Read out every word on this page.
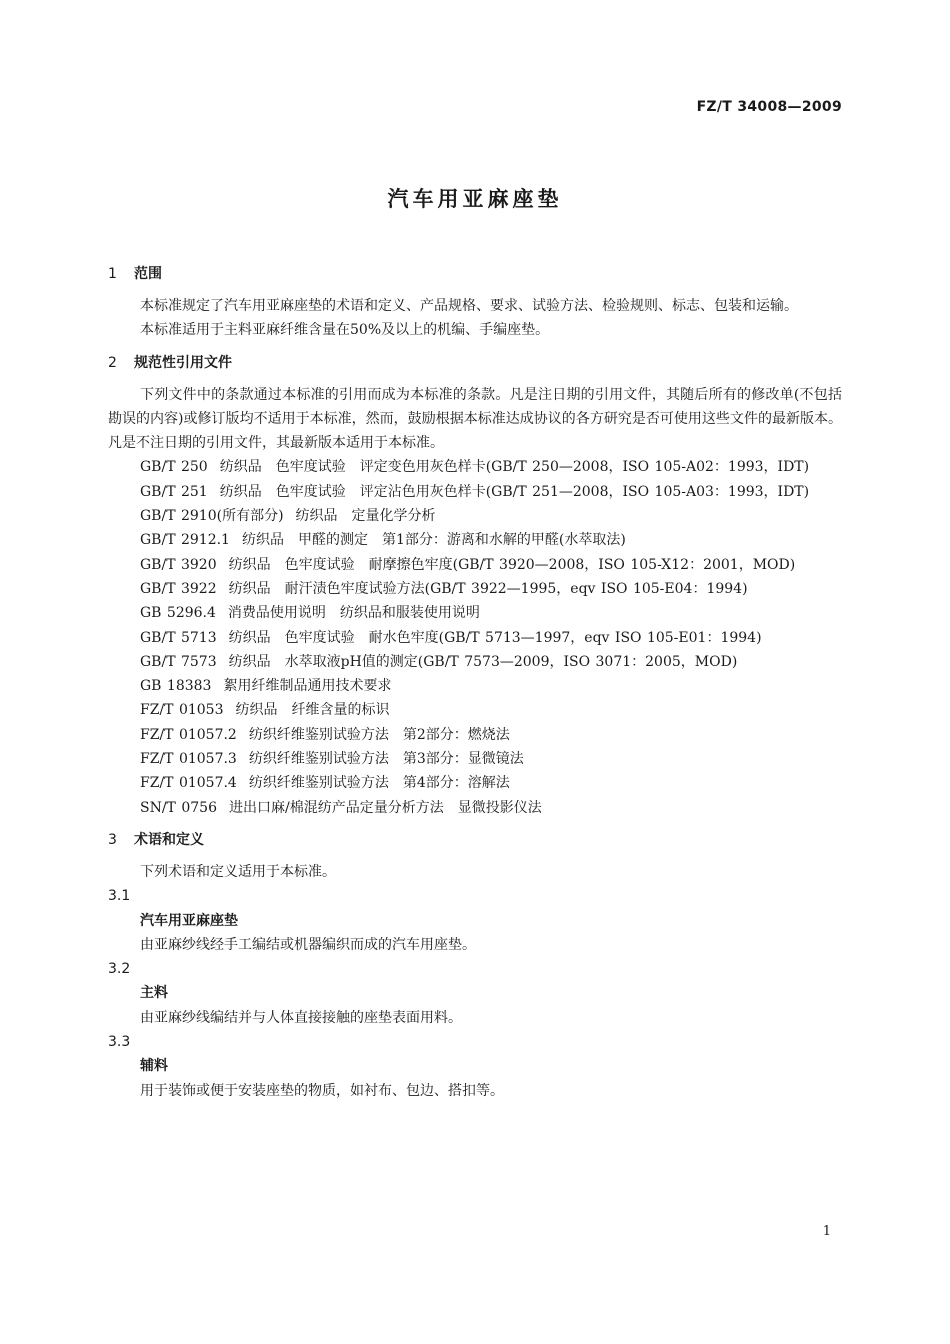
FZ/T 34008—2009
汽车用亚麻座垫
1 范围

本标准规定了汽车用亚麻座垫的术语和定义、产品规格、要求、试验方法、检验规则、标志、包装和运输。

本标准适用于主料亚麻纤维含量在50%及以上的机编、手编座垫。

2 规范性引用文件

下列文件中的条款通过本标准的引用而成为本标准的条款。凡是注日期的引用文件，其随后所有的修改单(不包括勘误的内容)或修订版均不适用于本标准，然而，鼓励根据本标准达成协议的各方研究是否可使用这些文件的最新版本。凡是不注日期的引用文件，其最新版本适用于本标准。

GB/T 250 纺织品　色牢度试验　评定变色用灰色样卡(GB/T 250—2008，ISO 105-A02：1993，IDT)

GB/T 251 纺织品　色牢度试验　评定沾色用灰色样卡(GB/T 251—2008，ISO 105-A03：1993，IDT)

GB/T 2910(所有部分) 纺织品　定量化学分析

GB/T 2912.1 纺织品　甲醛的测定　第1部分：游离和水解的甲醛(水萃取法)

GB/T 3920 纺织品　色牢度试验　耐摩擦色牢度(GB/T 3920—2008，ISO 105-X12：2001，MOD)

GB/T 3922 纺织品　耐汗渍色牢度试验方法(GB/T 3922—1995，eqv ISO 105-E04：1994)

GB 5296.4 消费品使用说明　纺织品和服装使用说明

GB/T 5713 纺织品　色牢度试验　耐水色牢度(GB/T 5713—1997，eqv ISO 105-E01：1994)

GB/T 7573 纺织品　水萃取液pH值的测定(GB/T 7573—2009，ISO 3071：2005，MOD)

GB 18383 絮用纤维制品通用技术要求

FZ/T 01053 纺织品　纤维含量的标识

FZ/T 01057.2 纺织纤维鉴别试验方法　第2部分：燃烧法

FZ/T 01057.3 纺织纤维鉴别试验方法　第3部分：显微镜法

FZ/T 01057.4 纺织纤维鉴别试验方法　第4部分：溶解法

SN/T 0756 进出口麻/棉混纺产品定量分析方法　显微投影仪法

3 术语和定义

下列术语和定义适用于本标准。

3.1

汽车用亚麻座垫

由亚麻纱线经手工编结或机器编织而成的汽车用座垫。

3.2

主料

由亚麻纱线编结并与人体直接接触的座垫表面用料。

3.3

辅料

用于装饰或便于安装座垫的物质，如衬布、包边、搭扣等。

1
